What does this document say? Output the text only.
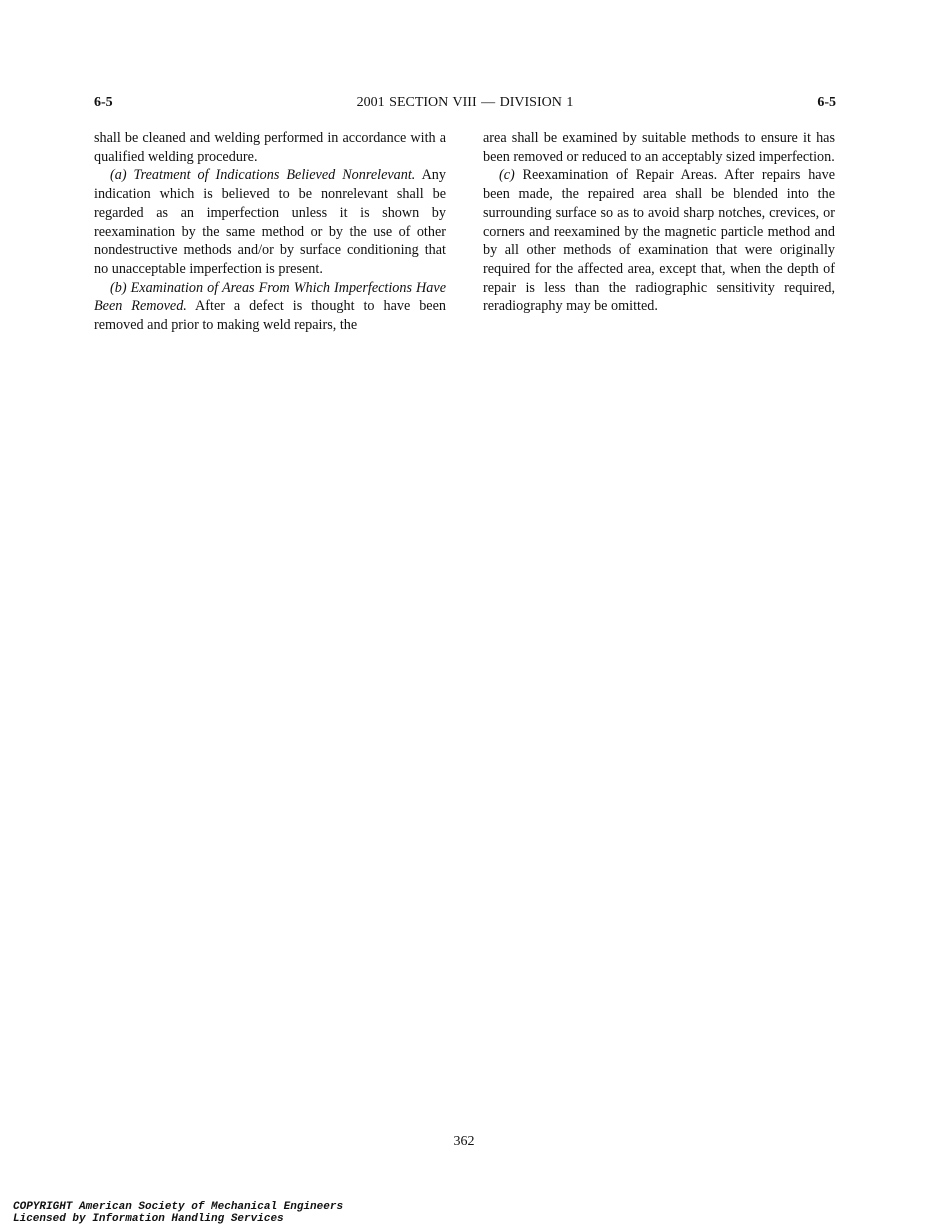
6-5	2001 SECTION VIII — DIVISION 1	6-5

shall be cleaned and welding performed in accordance with a qualified welding procedure.

(a) Treatment of Indications Believed Nonrelevant. Any indication which is believed to be nonrelevant shall be regarded as an imperfection unless it is shown by reexamination by the same method or by the use of other nondestructive methods and/or by surface conditioning that no unacceptable imperfection is present.

(b) Examination of Areas From Which Imperfections Have Been Removed. After a defect is thought to have been removed and prior to making weld repairs, the

area shall be examined by suitable methods to ensure it has been removed or reduced to an acceptably sized imperfection.

(c) Reexamination of Repair Areas. After repairs have been made, the repaired area shall be blended into the surrounding surface so as to avoid sharp notches, crevices, or corners and reexamined by the magnetic particle method and by all other methods of examination that were originally required for the affected area, except that, when the depth of repair is less than the radiographic sensitivity required, reradiography may be omitted.

362
COPYRIGHT American Society of Mechanical Engineers
Licensed by Information Handling Services
